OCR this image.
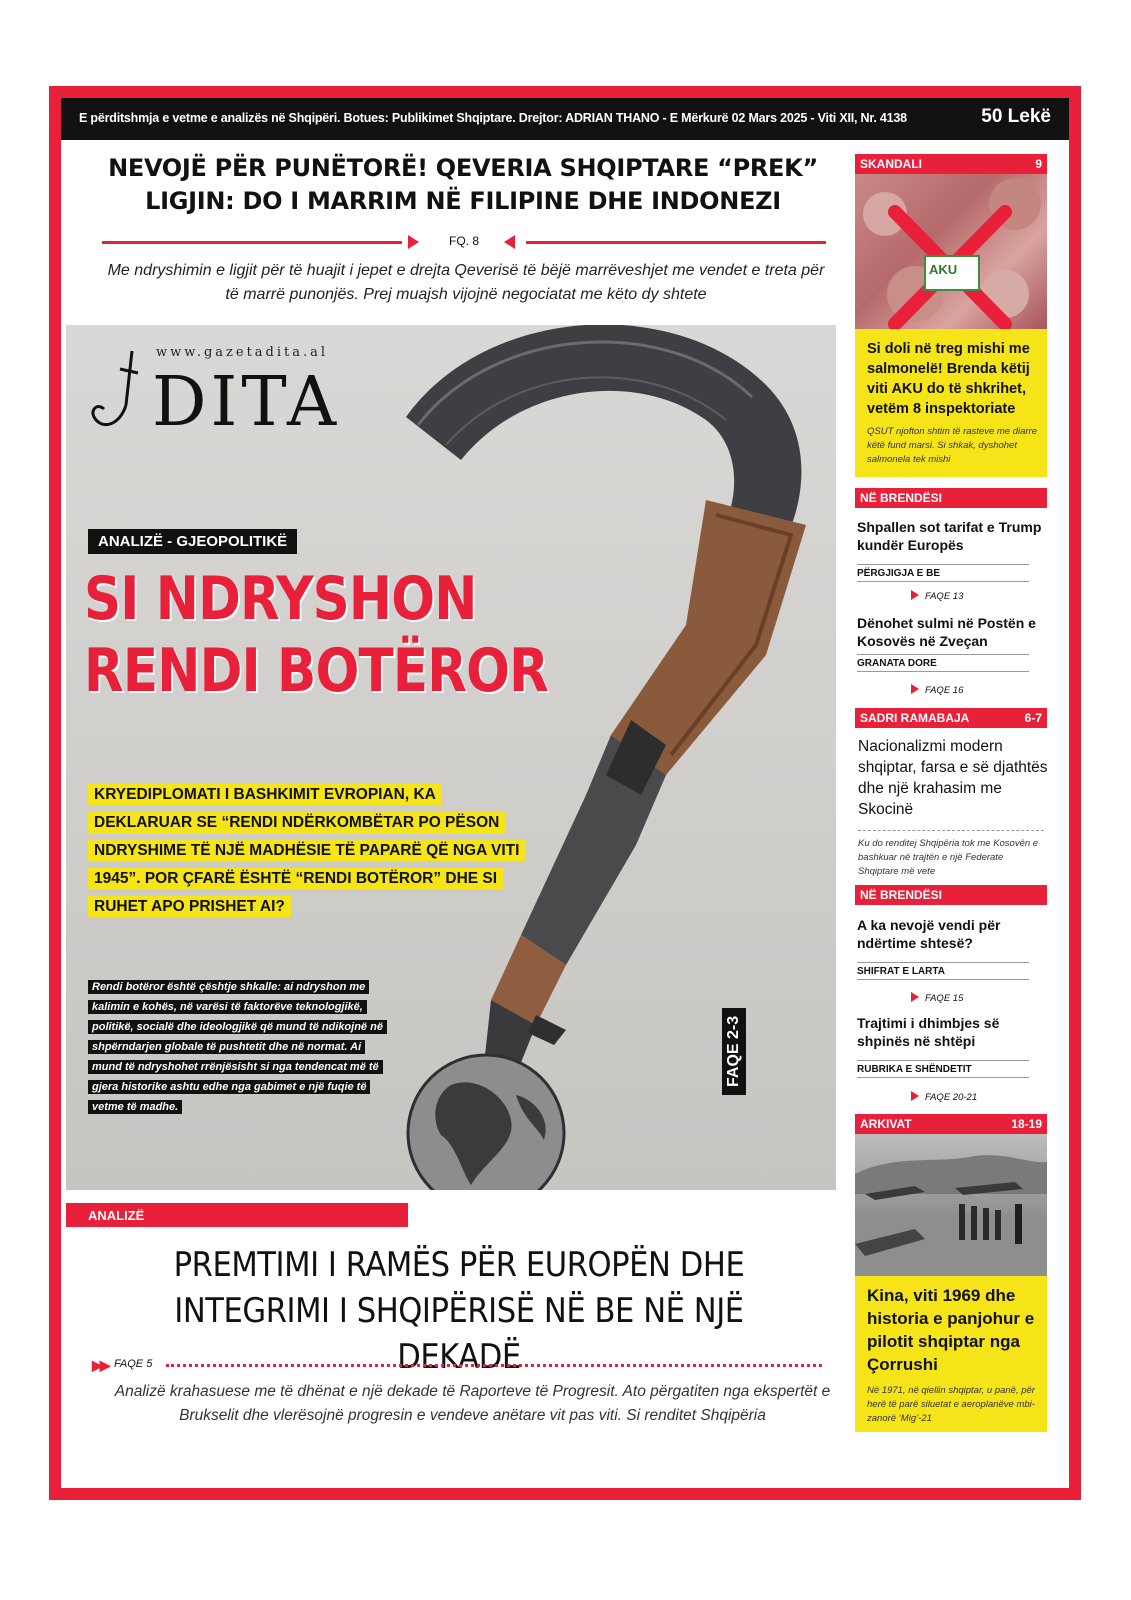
E përditshmja e vetme e analizës në Shqipëri. Botues: Publikimet Shqiptare. Drejtor: ADRIAN THANO - E Mërkurë 02 Mars 2025 - Viti XII, Nr. 4138	50 Lekë
NEVOJË PËR PUNËTORË! QEVERIA SHQIPTARE “PREK”
LIGJIN: DO I MARRIM NË FILIPINE DHE INDONEZI
FQ. 8
Me ndryshimin e ligjit për të huajit i jepet e drejta Qeverisë të bëjë marrëveshjet me vendet e treta për të marrë punonjës. Prej muajsh vijojnë negociatat me këto dy shtete
www.gazetadita.al
DITA
ANALIZË - GJEOPOLITIKË
SI NDRYSHON
RENDI BOTËROR
KRYEDIPLOMATI I BASHKIMIT EVROPIAN, KA DEKLARUAR SE “RENDI NDËRKOMBËTAR PO PËSON NDRYSHIME TË NJË MADHËSIE TË PAPARË QË NGA VITI 1945”. POR ÇFARË ËSHTË “RENDI BOTËROR” DHE SI RUHET APO PRISHET AI?
Rendi botëror është çështje shkalle: ai ndryshon me kalimin e kohës, në varësi të faktorëve teknologjikë, politikë, socialë dhe ideologjikë që mund të ndikojnë në shpërndarjen globale të pushtetit dhe në normat. Ai mund të ndryshohet rrënjësisht si nga tendencat më të gjera historike ashtu edhe nga gabimet e një fuqie të vetme të madhe.
FAQE 2-3
ANALIZË
PREMTIMI I RAMËS PËR EUROPËN DHE
INTEGRIMI I SHQIPËRISË NË BE NË NJË DEKADË
▶▶ FAQE 5
Analizë krahasuese me të dhënat e një dekade të Raporteve të Progresit. Ato përgatiten nga ekspertët e Brukselit dhe vlerësojnë progresin e vendeve anëtare vit pas viti. Si renditet Shqipëria
SKANDALI	9
AKU
Si doli në treg mishi me salmonelë! Brenda këtij viti AKU do të shkrihet, vetëm 8 inspektoriate
QSUT njofton shtim të rasteve me diarre këtë fund marsi. Si shkak, dyshohet salmonela tek mishi
NË BRENDËSI
Shpallen sot tarifat e Trump kundër Europës
PËRGJIGJA E BE
FAQE 13
Dënohet sulmi në Postën e Kosovës në Zveçan
GRANATA DORE
FAQE 16
SADRI RAMABAJA	6-7
Nacionalizmi modern shqiptar, farsa e së djathtës dhe një krahasim me Skocinë
Ku do renditej Shqipëria tok me Kosovën e bashkuar në trajtën e një Federate Shqiptare më vete
NË BRENDËSI
A ka nevojë vendi për ndërtime shtesë?
SHIFRAT E LARTA
FAQE 15
Trajtimi i dhimbjes së shpinës në shtëpi
RUBRIKA E SHËNDETIT
FAQE 20-21
ARKIVAT	18-19
Kina, viti 1969 dhe historia e panjohur e pilotit shqiptar nga Çorrushi
Në 1971, në qiellin shqiptar, u panë, për herë të parë siluetat e aeroplanëve mbi-zanorë ‘Mig’-21
